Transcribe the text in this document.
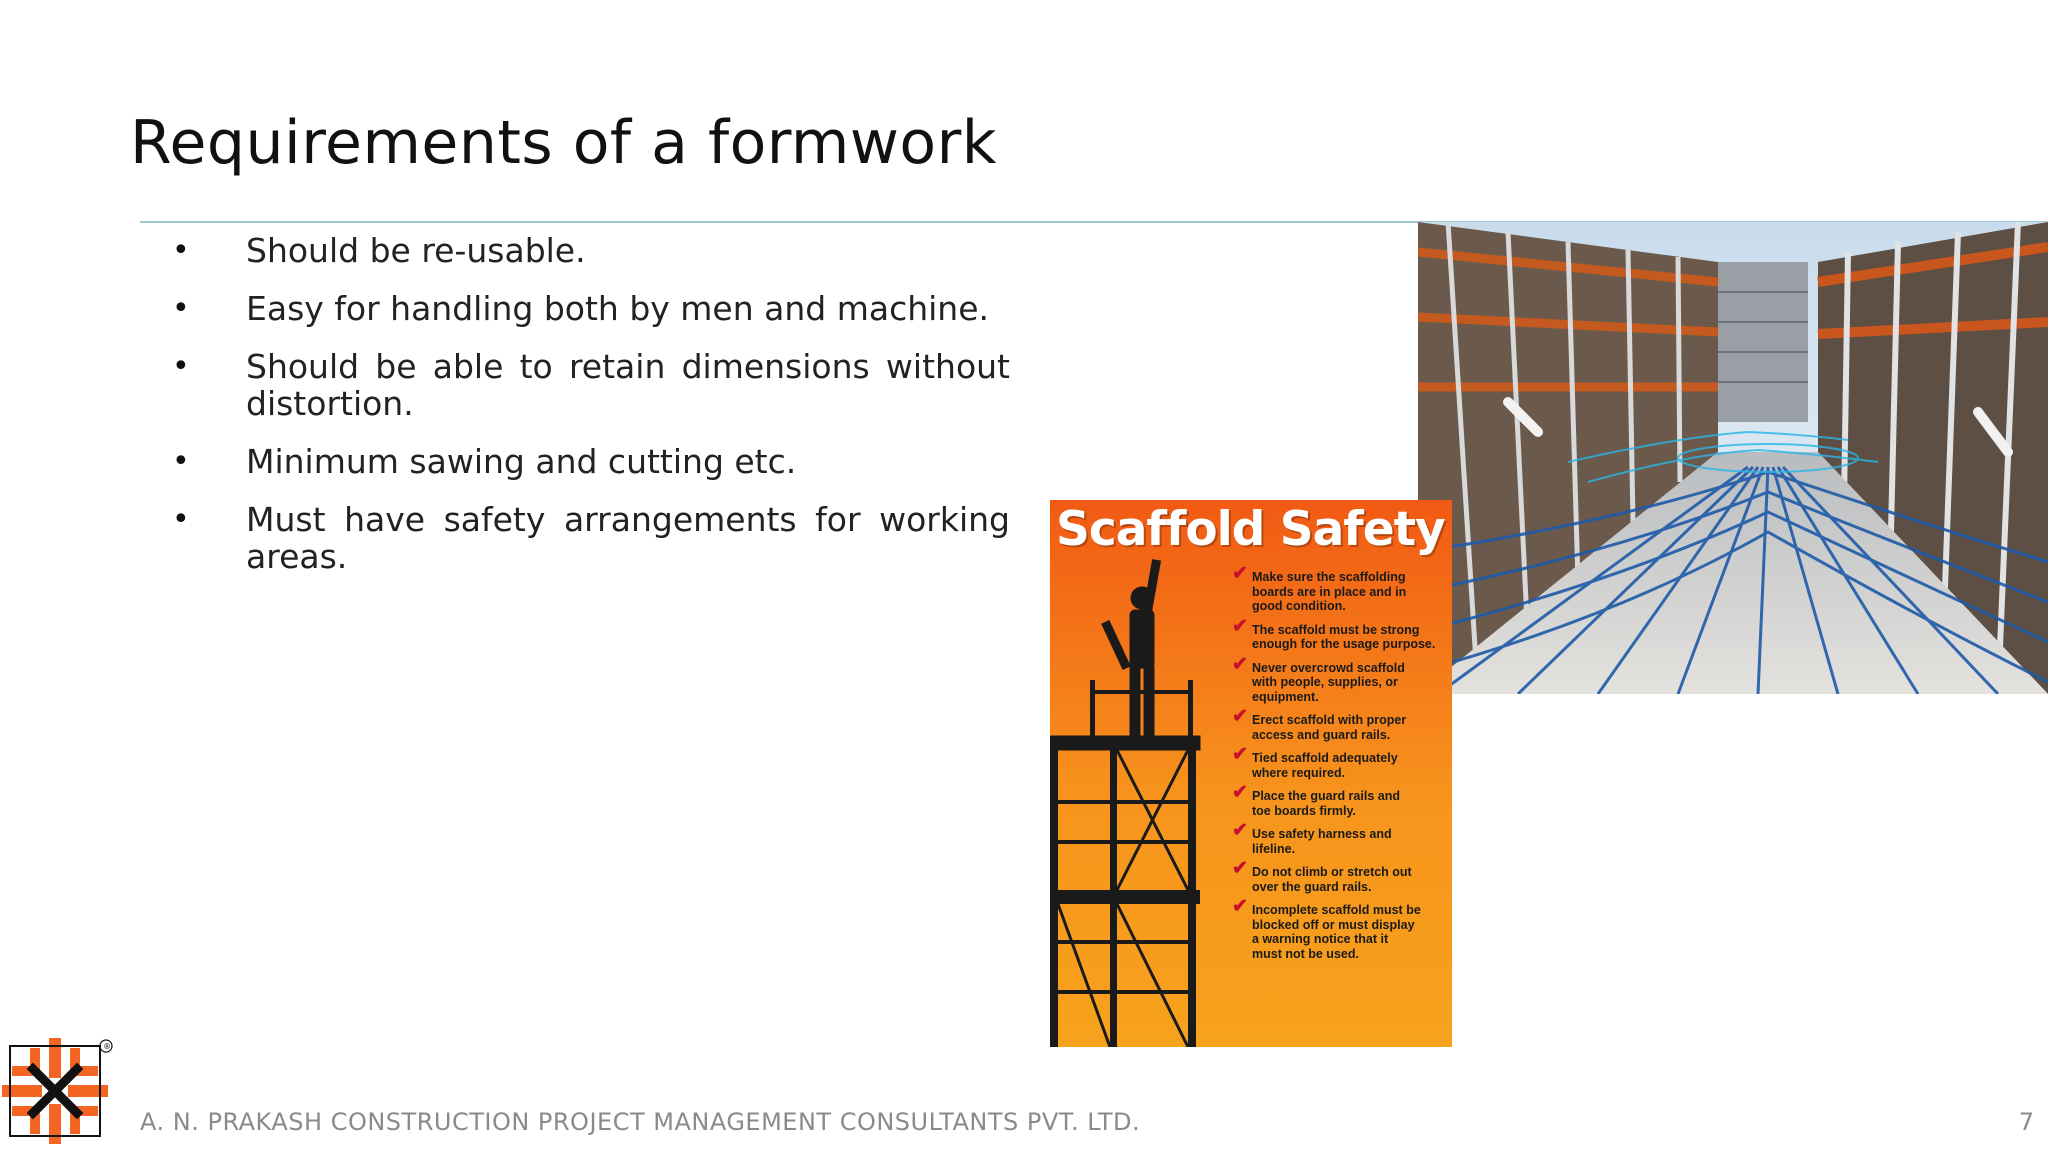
Requirements of a formwork
• Should be re-usable.
• Easy for handling both by men and machine.
• Should be able to retain dimensions without distortion.
• Minimum sawing and cutting etc.
• Must have safety arrangements for working areas.	Scaffold Safety
✔ Make sure the scaffolding
boards are in place and in
good condition.
✔ The scaffold must be strong
enough for the usage purpose.
✔ Never overcrowd scaffold
with people, supplies, or
equipment.
✔ Erect scaffold with proper
access and guard rails.
✔ Tied scaffold adequately
where required.
✔ Place the guard rails and
toe boards firmly.
✔ Use safety harness and
lifeline.
✔ Do not climb or stretch out
over the guard rails.
✔ Incomplete scaffold must be
blocked off or must display
a warning notice that it
must not be used.
®
A. N. PRAKASH CONSTRUCTION PROJECT MANAGEMENT CONSULTANTS PVT. LTD.	7
